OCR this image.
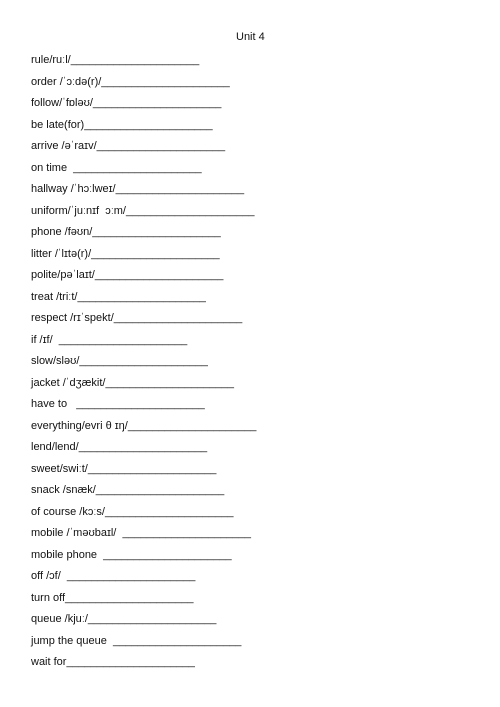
Unit 4
rule/ruːl/_____________________
order /ˈɔːdə(r)/_____________________
follow/ˈfɒləʊ/_____________________
be late(for)_____________________
arrive /əˈraɪv/_____________________
on time  _____________________
hallway /ˈhɔːlweɪ/_____________________
uniform/ˈjuːnɪf  ɔːm/_____________________
phone /fəʊn/_____________________
litter /ˈlɪtə(r)/_____________________
polite/pəˈlaɪt/_____________________
treat /triːt/_____________________
respect /rɪˈspekt/_____________________
if /ɪf/  _____________________
slow/sləʊ/_____________________
jacket /ˈdʒækit/_____________________
have to   _____________________
everything/evri θ ɪŋ/_____________________
lend/lend/_____________________
sweet/swiːt/_____________________
snack /snæk/_____________________
of course /kɔːs/_____________________
mobile /ˈməʊbaɪl/  _____________________
mobile phone  _____________________
off /ɔf/  _____________________
turn off_____________________
queue /kjuː/_____________________
jump the queue  _____________________
wait for_____________________
